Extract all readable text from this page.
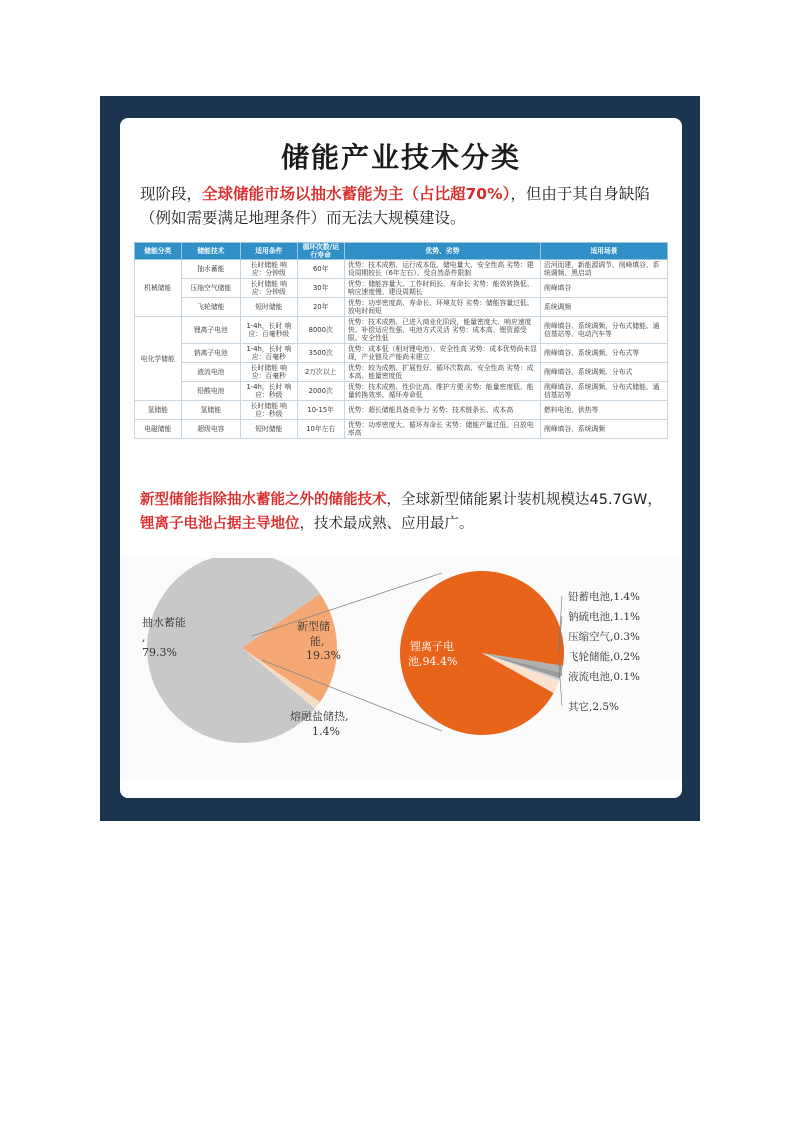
储能产业技术分类
现阶段，全球储能市场以抽水蓄能为主（占比超70%），但由于其自身缺陷（例如需要满足地理条件）而无法大规模建设。
储能分类	储能技术	适用条件	循环次数/运行寿命	优势、劣势	适用场景
机械储能	抽水蓄能	长时储能 响应：分钟级	60年	优势：技术成熟、运行成本低、储电量大、安全性高 劣势：建设周期较长（6年左右）、受自然条件限制	沿河而建，新能源调节、削峰填谷、系统调频、黑启动
	压缩空气储能	长时储能 响应：分钟级	30年	优势：储能容量大、工作时间长、寿命长 劣势：能效转换低、响应速度慢、建设周期长	削峰填谷
	飞轮储能	短时储能	20年	优势：功率密度高、寿命长、环境友好 劣势：储能容量过低、放电时间短	系统调频
电化学储能	锂离子电池	1-4h，长时 响应：百毫秒级	8000次	优势：技术成熟、已进入商业化阶段，能量密度大、响应速度快、补偿适应性强、电池方式灵活 劣势：成本高、锂资源受限、安全性低	削峰填谷、系统调频、分布式储能、通信基站等、电动汽车等
	钠离子电池	1-4h，长时 响应：百毫秒	3500次	优势：成本低（相对锂电池）、安全性高 劣势：成本优势尚未显现，产业链及产能尚未建立	削峰填谷、系统调频、分布式等
	液流电池	长时储能 响应：百毫秒	2万次以上	优势：较为成熟、扩展性好、循环次数高、安全性高 劣势：成本高、能量密度低	削峰填谷、系统调频、分布式
	铅酸电池	1-4h，长时 响应：秒级	2000次	优势：技术成熟、性价比高、维护方便 劣势：能量密度低、能量转换效率、循环寿命低	削峰填谷、系统调频、分布式储能、通信基站等
氢储能	氢储能	长时储能 响应：秒级	10-15年	优势：超长储能具备竞争力 劣势：技术链条长、成本高	燃料电池、供热等
电磁储能	超级电容	短时储能	10年左右	优势：功率密度大、循环寿命长 劣势：储能产量过低、自放电率高	削峰填谷、系统调频
新型储能指除抽水蓄能之外的储能技术，全球新型储能累计装机规模达45.7GW，锂离子电池占据主导地位，技术最成熟、应用最广。
新型储
能,
19.3%
抽水蓄能
,
79.3%
熔融盐储热,
1.4%
锂离子电
池,94.4%
铅蓄电池,1.4%
钠硫电池,1.1%
压缩空气,0.3%
飞轮储能,0.2%
液流电池,0.1%
其它,2.5%
